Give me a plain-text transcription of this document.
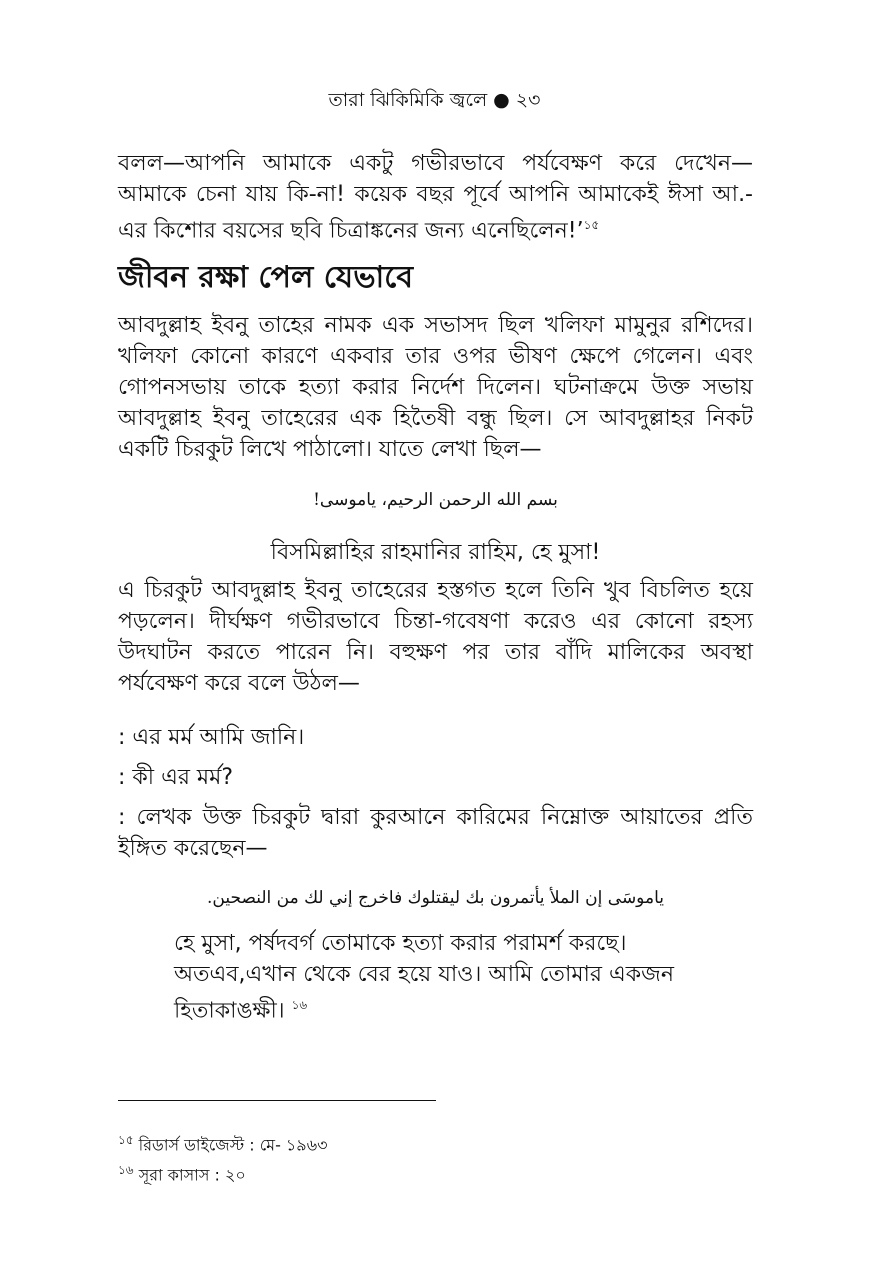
তারা ঝিকিমিকি জ্বলে ● ২৩

বলল—আপনি আমাকে একটু গভীরভাবে পর্যবেক্ষণ করে দেখেন—আমাকে চেনা যায় কি-না! কয়েক বছর পূর্বে আপনি আমাকেই ঈসা আ.-এর কিশোর বয়সের ছবি চিত্রাঙ্কনের জন্য এনেছিলেন!’$^{১৫}$

জীবন রক্ষা পেল যেভাবে

আবদুল্লাহ ইবনু তাহের নামক এক সভাসদ ছিল খলিফা মামুনুর রশিদের। খলিফা কোনো কারণে একবার তার ওপর ভীষণ ক্ষেপে গেলেন। এবং গোপনসভায় তাকে হত্যা করার নির্দেশ দিলেন। ঘটনাক্রমে উক্ত সভায় আবদুল্লাহ ইবনু তাহেরের এক হিতৈষী বন্ধু ছিল। সে আবদুল্লাহর নিকট একটি চিরকুট লিখে পাঠালো। যাতে লেখা ছিল—

بسم الله الرحمن الرحيم، ياموسى!
বিসমিল্লাহির রাহমানির রাহিম, হে মুসা!

এ চিরকুট আবদুল্লাহ ইবনু তাহেরের হস্তগত হলে তিনি খুব বিচলিত হয়ে পড়লেন। দীর্ঘক্ষণ গভীরভাবে চিন্তা-গবেষণা করেও এর কোনো রহস্য উদঘাটন করতে পারেন নি। বহুক্ষণ পর তার বাঁদি মালিকের অবস্থা পর্যবেক্ষণ করে বলে উঠল—

: এর মর্ম আমি জানি।

: কী এর মর্ম?

: লেখক উক্ত চিরকুট দ্বারা কুরআনে কারিমের নিম্নোক্ত আয়াতের প্রতি ইঙ্গিত করেছেন—

ياموسَى إن الملأ يأتمرون بك ليقتلوك فاخرج إني لك من النصحين.
হে মুসা, পর্ষদবর্গ তোমাকে হত্যা করার পরামর্শ করছে। অতএব,এখান থেকে বের হয়ে যাও। আমি তোমার একজন হিতাকাঙক্ষী। $^{১৬}$
$^{১৫}$ রিডার্স ডাইজেস্ট : মে- ১৯৬৩
$^{১৬}$ সূরা কাসাস : ২০
